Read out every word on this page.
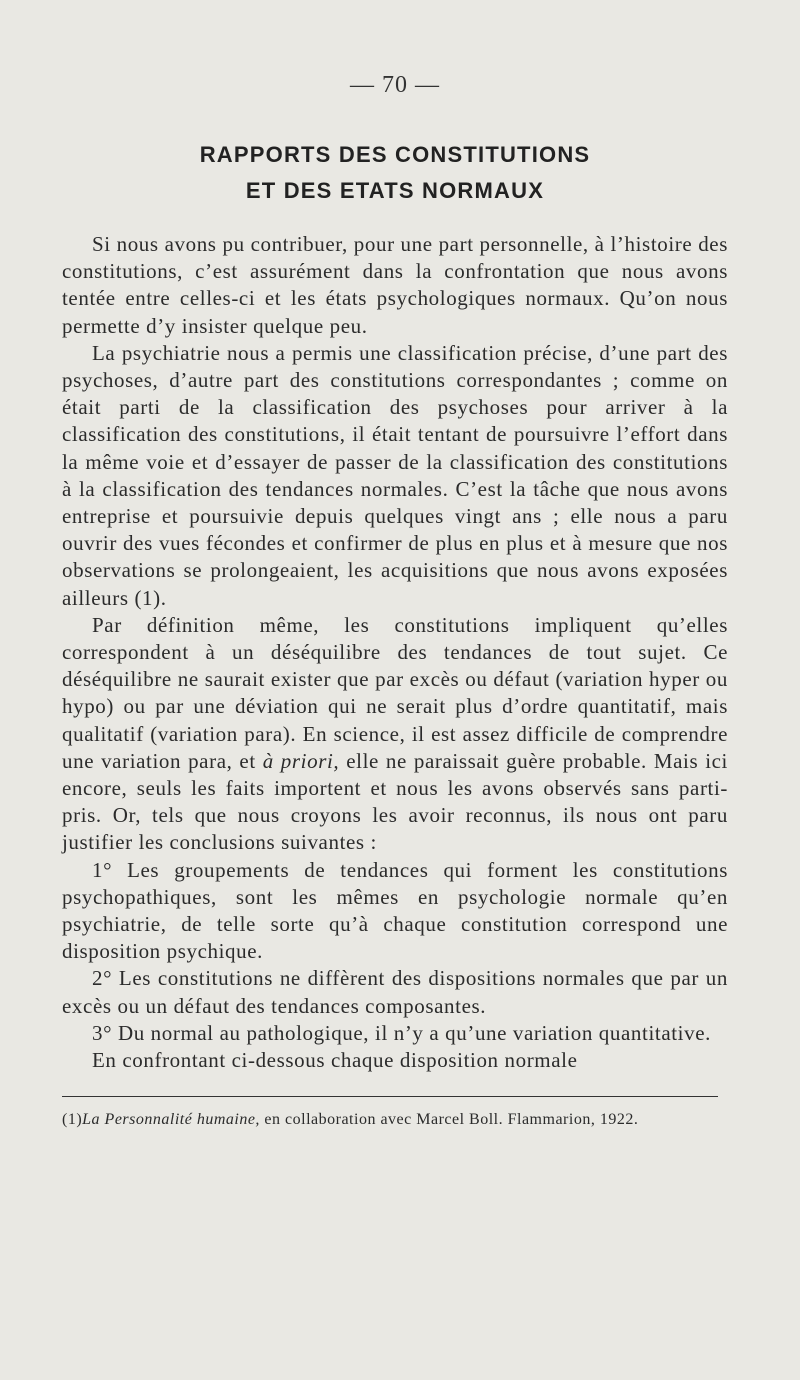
— 70 —
RAPPORTS DES CONSTITUTIONS
ET DES ETATS NORMAUX

Si nous avons pu contribuer, pour une part personnelle, à l’histoire des constitutions, c’est assurément dans la confrontation que nous avons tentée entre celles-ci et les états psychologiques normaux. Qu’on nous permette d’y insister quelque peu.

La psychiatrie nous a permis une classification précise, d’une part des psychoses, d’autre part des constitutions correspondantes ; comme on était parti de la classification des psychoses pour arriver à la classification des constitutions, il était tentant de poursuivre l’effort dans la même voie et d’essayer de passer de la classification des constitutions à la classification des tendances normales. C’est la tâche que nous avons entreprise et poursuivie depuis quelques vingt ans ; elle nous a paru ouvrir des vues fécondes et confirmer de plus en plus et à mesure que nos observations se prolongeaient, les acquisitions que nous avons exposées ailleurs (1).

Par définition même, les constitutions impliquent qu’elles correspondent à un déséquilibre des tendances de tout sujet. Ce déséquilibre ne saurait exister que par excès ou défaut (variation hyper ou hypo) ou par une déviation qui ne serait plus d’ordre quantitatif, mais qualitatif (variation para). En science, il est assez difficile de comprendre une variation para, et à priori, elle ne paraissait guère probable. Mais ici encore, seuls les faits importent et nous les avons observés sans parti-pris. Or, tels que nous croyons les avoir reconnus, ils nous ont paru justifier les conclusions suivantes :

1° Les groupements de tendances qui forment les constitutions psychopathiques, sont les mêmes en psychologie normale qu’en psychiatrie, de telle sorte qu’à chaque constitution correspond une disposition psychique.

2° Les constitutions ne diffèrent des dispositions normales que par un excès ou un défaut des tendances composantes.

3° Du normal au pathologique, il n’y a qu’une variation quantitative.

En confrontant ci-dessous chaque disposition normale

(1)La Personnalité humaine, en collaboration avec Marcel Boll. Flammarion, 1922.
